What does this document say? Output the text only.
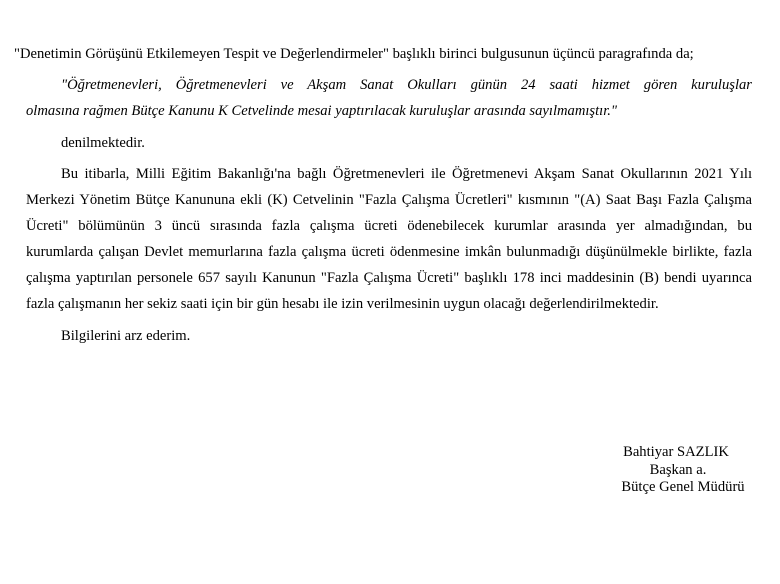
"Denetimin Görüşünü Etkilemeyen Tespit ve Değerlendirmeler" başlıklı birinci bulgusunun üçüncü paragrafında da;
"Öğretmenevleri, Öğretmenevleri ve Akşam Sanat Okulları günün 24 saati hizmet gören kuruluşlar
olmasına rağmen Bütçe Kanunu K Cetvelinde mesai yaptırılacak kuruluşlar arasında sayılmamıştır."
denilmektedir.
Bu itibarla, Milli Eğitim Bakanlığı'na bağlı Öğretmenevleri ile Öğretmenevi Akşam Sanat Okullarının 2021 Yılı
Merkezi Yönetim Bütçe Kanununa ekli (K) Cetvelinin "Fazla Çalışma Ücretleri" kısmının "(A) Saat Başı Fazla Çalışma
Ücreti" bölümünün 3 üncü sırasında fazla çalışma ücreti ödenebilecek kurumlar arasında yer almadığından, bu
kurumlarda çalışan Devlet memurlarına fazla çalışma ücreti ödenmesine imkân bulunmadığı düşünülmekle birlikte, fazla
çalışma yaptırılan personele 657 sayılı Kanunun "Fazla Çalışma Ücreti" başlıklı 178 inci maddesinin (B) bendi uyarınca
fazla çalışmanın her sekiz saati için bir gün hesabı ile izin verilmesinin uygun olacağı değerlendirilmektedir.
Bilgilerini arz ederim.
Bahtiyar SAZLIK
Başkan a.
Bütçe Genel Müdürü
